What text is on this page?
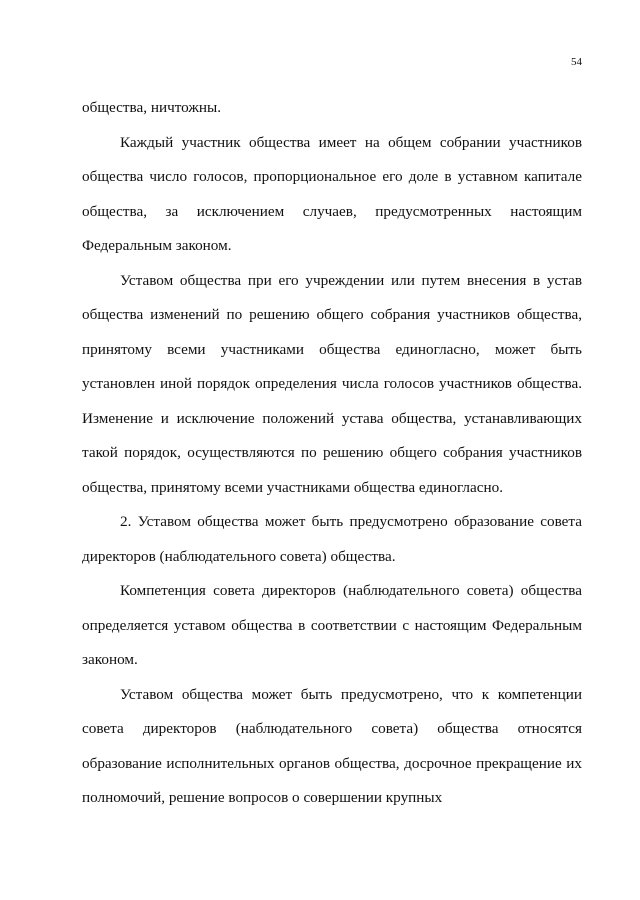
54

общества, ничтожны.

Каждый участник общества имеет на общем собрании участников общества число голосов, пропорциональное его доле в уставном капитале общества, за исключением случаев, предусмотренных настоящим Федеральным законом.

Уставом общества при его учреждении или путем внесения в устав общества изменений по решению общего собрания участников общества, принятому всеми участниками общества единогласно, может быть установлен иной порядок определения числа голосов участников общества. Изменение и исключение положений устава общества, устанавливающих такой порядок, осуществляются по решению общего собрания участников общества, принятому всеми участниками общества единогласно.

2. Уставом общества может быть предусмотрено образование совета директоров (наблюдательного совета) общества.

Компетенция совета директоров (наблюдательного совета) общества определяется уставом общества в соответствии с настоящим Федеральным законом.

Уставом общества может быть предусмотрено, что к компетенции совета директоров (наблюдательного совета) общества относятся образование исполнительных органов общества, досрочное прекращение их полномочий, решение вопросов о совершении крупных
